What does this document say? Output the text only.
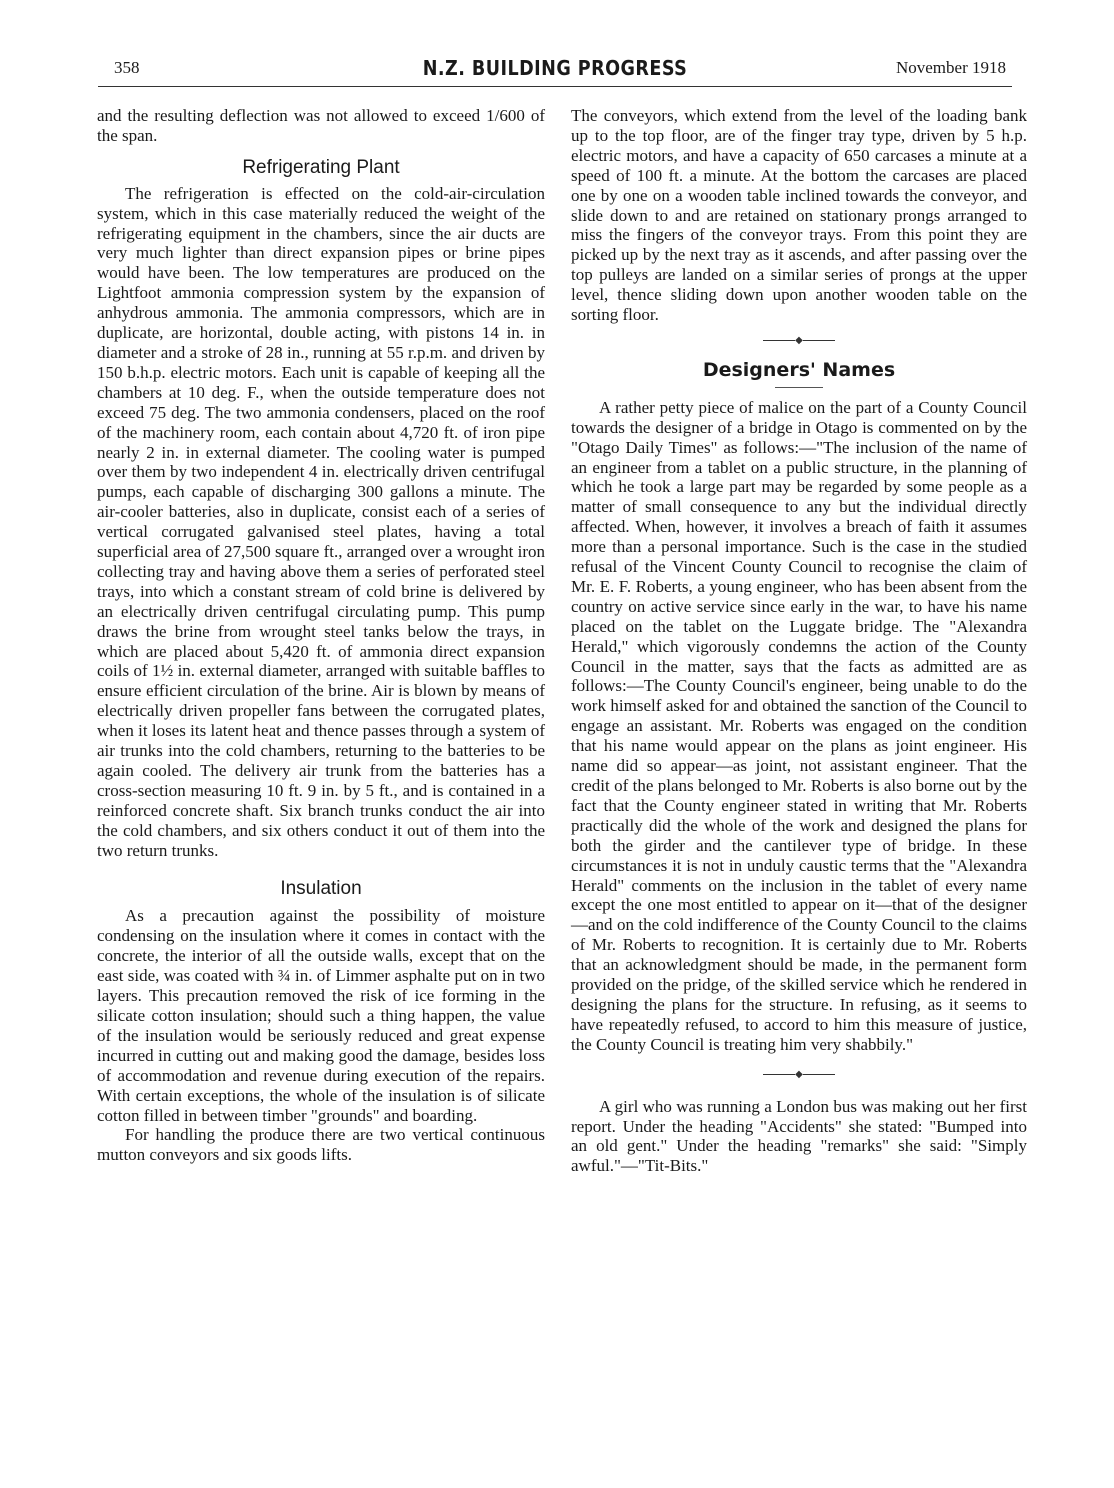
358	N.Z. BUILDING PROGRESS	November 1918

and the resulting deflection was not allowed to exceed 1/600 of the span.

Refrigerating Plant

The refrigeration is effected on the cold-air-circulation system, which in this case materially reduced the weight of the refrigerating equipment in the chambers, since the air ducts are very much lighter than direct expansion pipes or brine pipes would have been. The low temperatures are produced on the Lightfoot ammonia compression system by the expansion of anhydrous ammonia. The ammonia compressors, which are in duplicate, are horizontal, double acting, with pistons 14 in. in diameter and a stroke of 28 in., running at 55 r.p.m. and driven by 150 b.h.p. electric motors. Each unit is capable of keeping all the chambers at 10 deg. F., when the outside temperature does not exceed 75 deg. The two ammonia condensers, placed on the roof of the machinery room, each contain about 4,720 ft. of iron pipe nearly 2 in. in external diameter. The cooling water is pumped over them by two independent 4 in. electrically driven centrifugal pumps, each capable of discharging 300 gallons a minute. The air-cooler batteries, also in duplicate, consist each of a series of vertical corrugated galvanised steel plates, having a total superficial area of 27,500 square ft., arranged over a wrought iron collecting tray and having above them a series of perforated steel trays, into which a constant stream of cold brine is delivered by an electrically driven centrifugal circulating pump. This pump draws the brine from wrought steel tanks below the trays, in which are placed about 5,420 ft. of ammonia direct expansion coils of 1½ in. external diameter, arranged with suitable baffles to ensure efficient circulation of the brine. Air is blown by means of electrically driven propeller fans between the corrugated plates, when it loses its latent heat and thence passes through a system of air trunks into the cold chambers, returning to the batteries to be again cooled. The delivery air trunk from the batteries has a cross-section measuring 10 ft. 9 in. by 5 ft., and is contained in a reinforced concrete shaft. Six branch trunks conduct the air into the cold chambers, and six others conduct it out of them into the two return trunks.

Insulation

As a precaution against the possibility of moisture condensing on the insulation where it comes in contact with the concrete, the interior of all the outside walls, except that on the east side, was coated with ¾ in. of Limmer asphalte put on in two layers. This precaution removed the risk of ice forming in the silicate cotton insulation; should such a thing happen, the value of the insulation would be seriously reduced and great expense incurred in cutting out and making good the damage, besides loss of accommodation and revenue during execution of the repairs. With certain exceptions, the whole of the insulation is of silicate cotton filled in between timber "grounds" and boarding.

For handling the produce there are two vertical continuous mutton conveyors and six goods lifts.

The conveyors, which extend from the level of the loading bank up to the top floor, are of the finger tray type, driven by 5 h.p. electric motors, and have a capacity of 650 carcases a minute at a speed of 100 ft. a minute. At the bottom the carcases are placed one by one on a wooden table inclined towards the conveyor, and slide down to and are retained on stationary prongs arranged to miss the fingers of the conveyor trays. From this point they are picked up by the next tray as it ascends, and after passing over the top pulleys are landed on a similar series of prongs at the upper level, thence sliding down upon another wooden table on the sorting floor.

◆
Designers' Names

A rather petty piece of malice on the part of a County Council towards the designer of a bridge in Otago is commented on by the "Otago Daily Times" as follows:—"The inclusion of the name of an engineer from a tablet on a public structure, in the planning of which he took a large part may be regarded by some people as a matter of small consequence to any but the individual directly affected. When, however, it involves a breach of faith it assumes more than a personal importance. Such is the case in the studied refusal of the Vincent County Council to recognise the claim of Mr. E. F. Roberts, a young engineer, who has been absent from the country on active service since early in the war, to have his name placed on the tablet on the Luggate bridge. The "Alexandra Herald," which vigorously condemns the action of the County Council in the matter, says that the facts as admitted are as follows:—The County Council's engineer, being unable to do the work himself asked for and obtained the sanction of the Council to engage an assistant. Mr. Roberts was engaged on the condition that his name would appear on the plans as joint engineer. His name did so appear—as joint, not assistant engineer. That the credit of the plans belonged to Mr. Roberts is also borne out by the fact that the County engineer stated in writing that Mr. Roberts practically did the whole of the work and designed the plans for both the girder and the cantilever type of bridge. In these circumstances it is not in unduly caustic terms that the "Alexandra Herald" comments on the inclusion in the tablet of every name except the one most entitled to appear on it—that of the designer—and on the cold indifference of the County Council to the claims of Mr. Roberts to recognition. It is certainly due to Mr. Roberts that an acknowledgment should be made, in the permanent form provided on the pridge, of the skilled service which he rendered in designing the plans for the structure. In refusing, as it seems to have repeatedly refused, to accord to him this measure of justice, the County Council is treating him very shabbily."

◆

A girl who was running a London bus was making out her first report. Under the heading "Accidents" she stated: "Bumped into an old gent." Under the heading "remarks" she said: "Simply awful."—"Tit-Bits."
